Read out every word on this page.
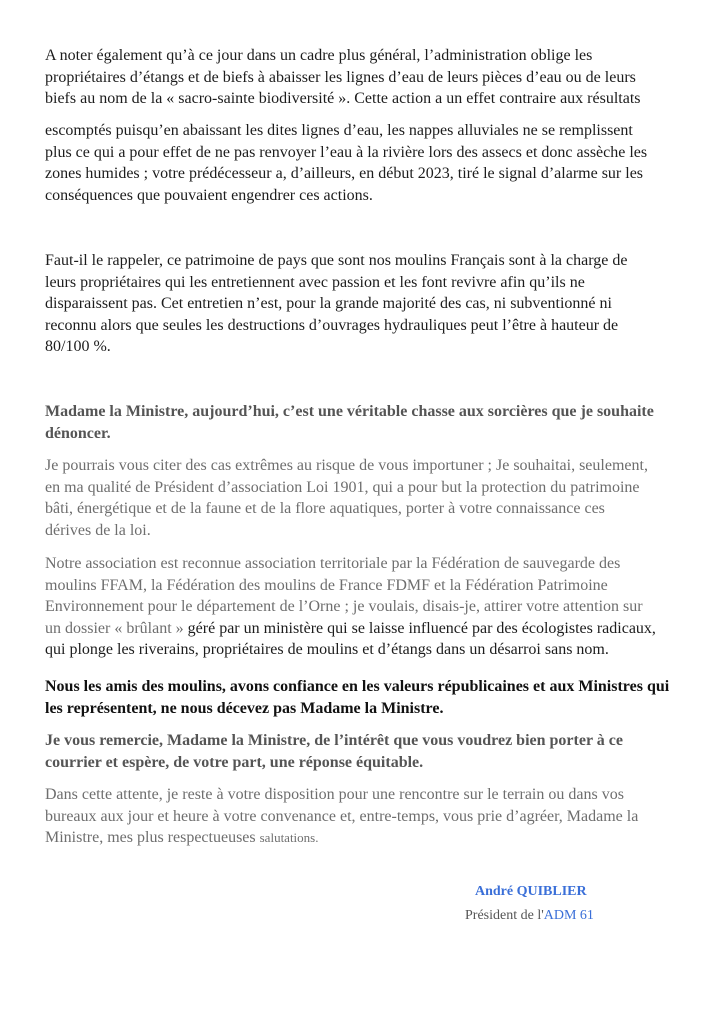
A noter également qu’à ce jour dans un cadre plus général, l’administration oblige les
propriétaires d’étangs et de biefs à abaisser les lignes d’eau de leurs pièces d’eau ou de leurs
biefs au nom de la « sacro-sainte biodiversité ». Cette action a un effet contraire aux résultats
escomptés puisqu’en abaissant les dites lignes d’eau, les nappes alluviales ne se remplissent
plus ce qui a pour effet de ne pas renvoyer l’eau à la rivière lors des assecs et donc assèche les
zones humides ; votre prédécesseur a, d’ailleurs, en début 2023, tiré le signal d’alarme sur les
conséquences que pouvaient engendrer ces actions.
Faut-il le rappeler, ce patrimoine de pays que sont nos moulins Français sont à la charge de
leurs propriétaires qui les entretiennent avec passion et les font revivre afin qu’ils ne
disparaissent pas. Cet entretien n’est, pour la grande majorité des cas, ni subventionné ni
reconnu alors que seules les destructions d’ouvrages hydrauliques peut l’être à hauteur de
80/100 %.
Madame la Ministre, aujourd’hui, c’est une véritable chasse aux sorcières que je souhaite
dénoncer.
Je pourrais vous citer des cas extrêmes au risque de vous importuner ; Je souhaitai, seulement,
en ma qualité de Président d’association Loi 1901, qui a pour but la protection du patrimoine
bâti, énergétique et de la faune et de la flore aquatiques, porter à votre connaissance ces
dérives de la loi.
Notre association est reconnue association territoriale par la Fédération de sauvegarde des
moulins FFAM, la Fédération des moulins de France FDMF et la Fédération Patrimoine
Environnement pour le département de l’Orne ; je voulais, disais-je, attirer votre attention sur
un dossier « brûlant » géré par un ministère qui se laisse influencé par des écologistes radicaux,
qui plonge les riverains, propriétaires de moulins et d’étangs dans un désarroi sans nom.
Nous les amis des moulins, avons confiance en les valeurs républicaines et aux Ministres qui
les représentent, ne nous décevez pas Madame la Ministre.
Je vous remercie, Madame la Ministre, de l’intérêt que vous voudrez bien porter à ce
courrier et espère, de votre part, une réponse équitable.
Dans cette attente, je reste à votre disposition pour une rencontre sur le terrain ou dans vos
bureaux aux jour et heure à votre convenance et, entre-temps, vous prie d’agréer, Madame la
Ministre, mes plus respectueuses salutations.
André QUIBLIER
Président de l'ADM 61
